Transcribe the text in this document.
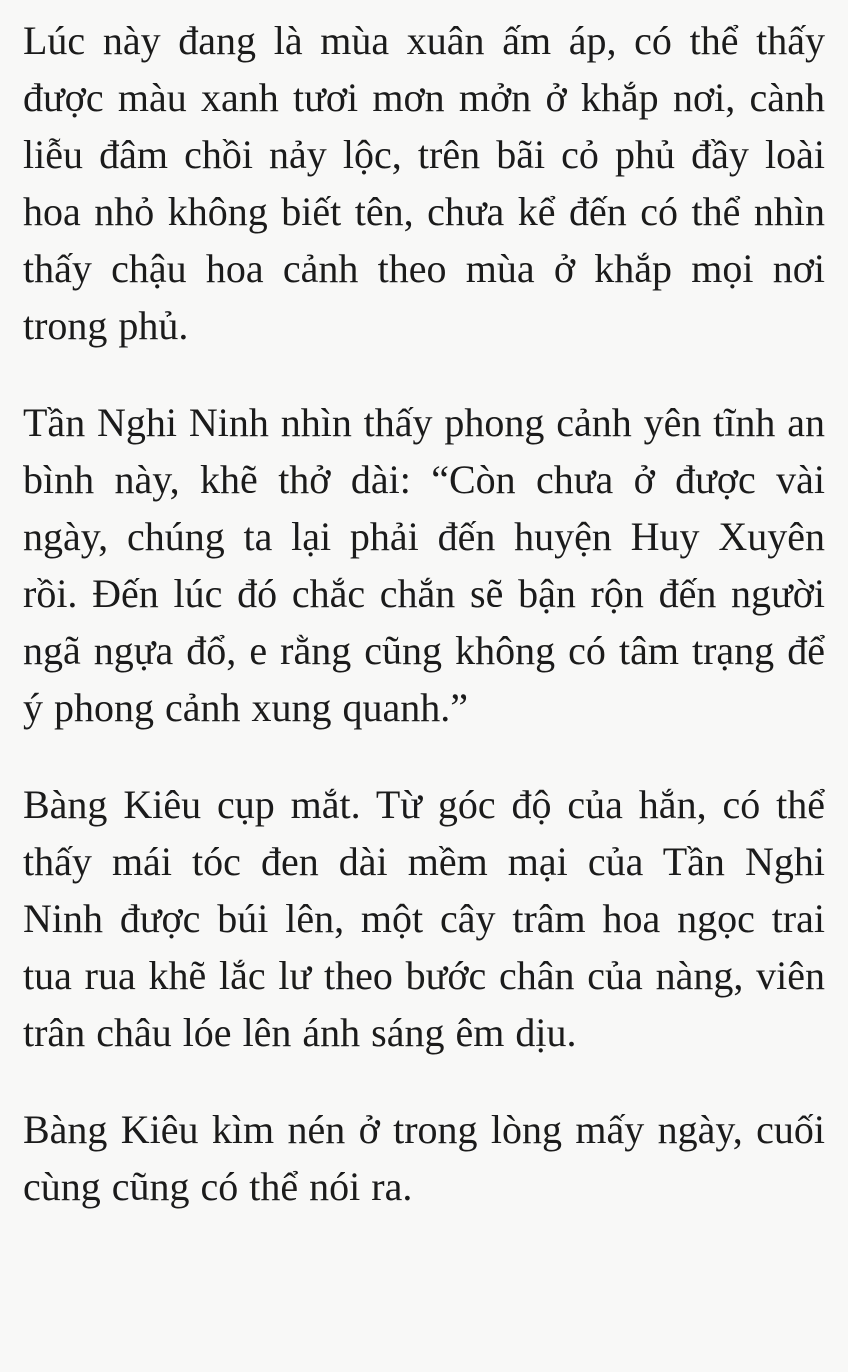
Lúc này đang là mùa xuân ấm áp, có thể thấy được màu xanh tươi mơn mởn ở khắp nơi, cành liễu đâm chồi nảy lộc, trên bãi cỏ phủ đầy loài hoa nhỏ không biết tên, chưa kể đến có thể nhìn thấy chậu hoa cảnh theo mùa ở khắp mọi nơi trong phủ.

Tần Nghi Ninh nhìn thấy phong cảnh yên tĩnh an bình này, khẽ thở dài: “Còn chưa ở được vài ngày, chúng ta lại phải đến huyện Huy Xuyên rồi. Đến lúc đó chắc chắn sẽ bận rộn đến người ngã ngựa đổ, e rằng cũng không có tâm trạng để ý phong cảnh xung quanh.”

Bàng Kiêu cụp mắt. Từ góc độ của hắn, có thể thấy mái tóc đen dài mềm mại của Tần Nghi Ninh được búi lên, một cây trâm hoa ngọc trai tua rua khẽ lắc lư theo bước chân của nàng, viên trân châu lóe lên ánh sáng êm dịu.

Bàng Kiêu kìm nén ở trong lòng mấy ngày, cuối cùng cũng có thể nói ra.
